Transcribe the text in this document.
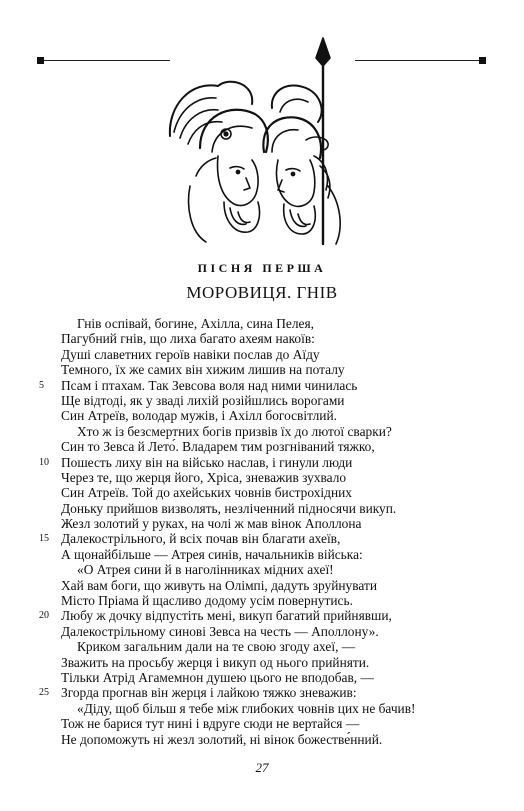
ПІСНЯ ПЕРША
МОРОВИЦЯ. ГНІВ
Гнів оспівай, богине, Ахілла, сина Пелея,
Пагубний гнів, що лиха багато ахеям накоїв:
Душі славетних героїв навіки послав до Аїду
Темного, їх же самих він хижим лишив на поталу
5 Псам і птахам. Так Зевсова воля над ними чинилась
Ще відтоді, як у зваді лихій розійшлись ворогами
Син Атреїв, володар мужів, і Ахілл богосвітлий.
Хто ж із безсмертних богів призвів їх до лютої сварки?
Син то Зевса й Лето́. Владарем тим розгніваний тяжко,
10 Пошесть лиху він на військо наслав, і гинули люди
Через те, що жерця його, Хріса, зневажив зухвало
Син Атреїв. Той до ахейських човнів бистрохідних
Доньку прийшов визволять, незліченний підносячи викуп.
Жезл золотий у руках, на чолі ж мав вінок Аполлона
15 Далекострільного, й всіх почав він благати ахеїв,
А щонайбільше — Атрея синів, начальників війська:
«О Атрея сини й в наголінниках мідних ахеї!
Хай вам боги, що живуть на Олімпі, дадуть зруйнувати
Місто Пріама й щасливо додому усім повернутись.
20 Любу ж дочку відпустіть мені, викуп багатий прийнявши,
Далекострільному синові Зевса на честь — Аполлону».
Криком загальним дали на те свою згоду ахеї, —
Зважить на просьбу жерця і викуп од нього прийняти.
Тільки Атрід Агамемнон душею цього не вподобав, —
25 Згорда прогнав він жерця і лайкою тяжко зневажив:
«Діду, щоб більш я тебе між глибоких човнів цих не бачив!
Тож не барися тут нині і вдруге сюди не вертайся —
Не допоможуть ні жезл золотий, ні вінок божестве́нний.
27
